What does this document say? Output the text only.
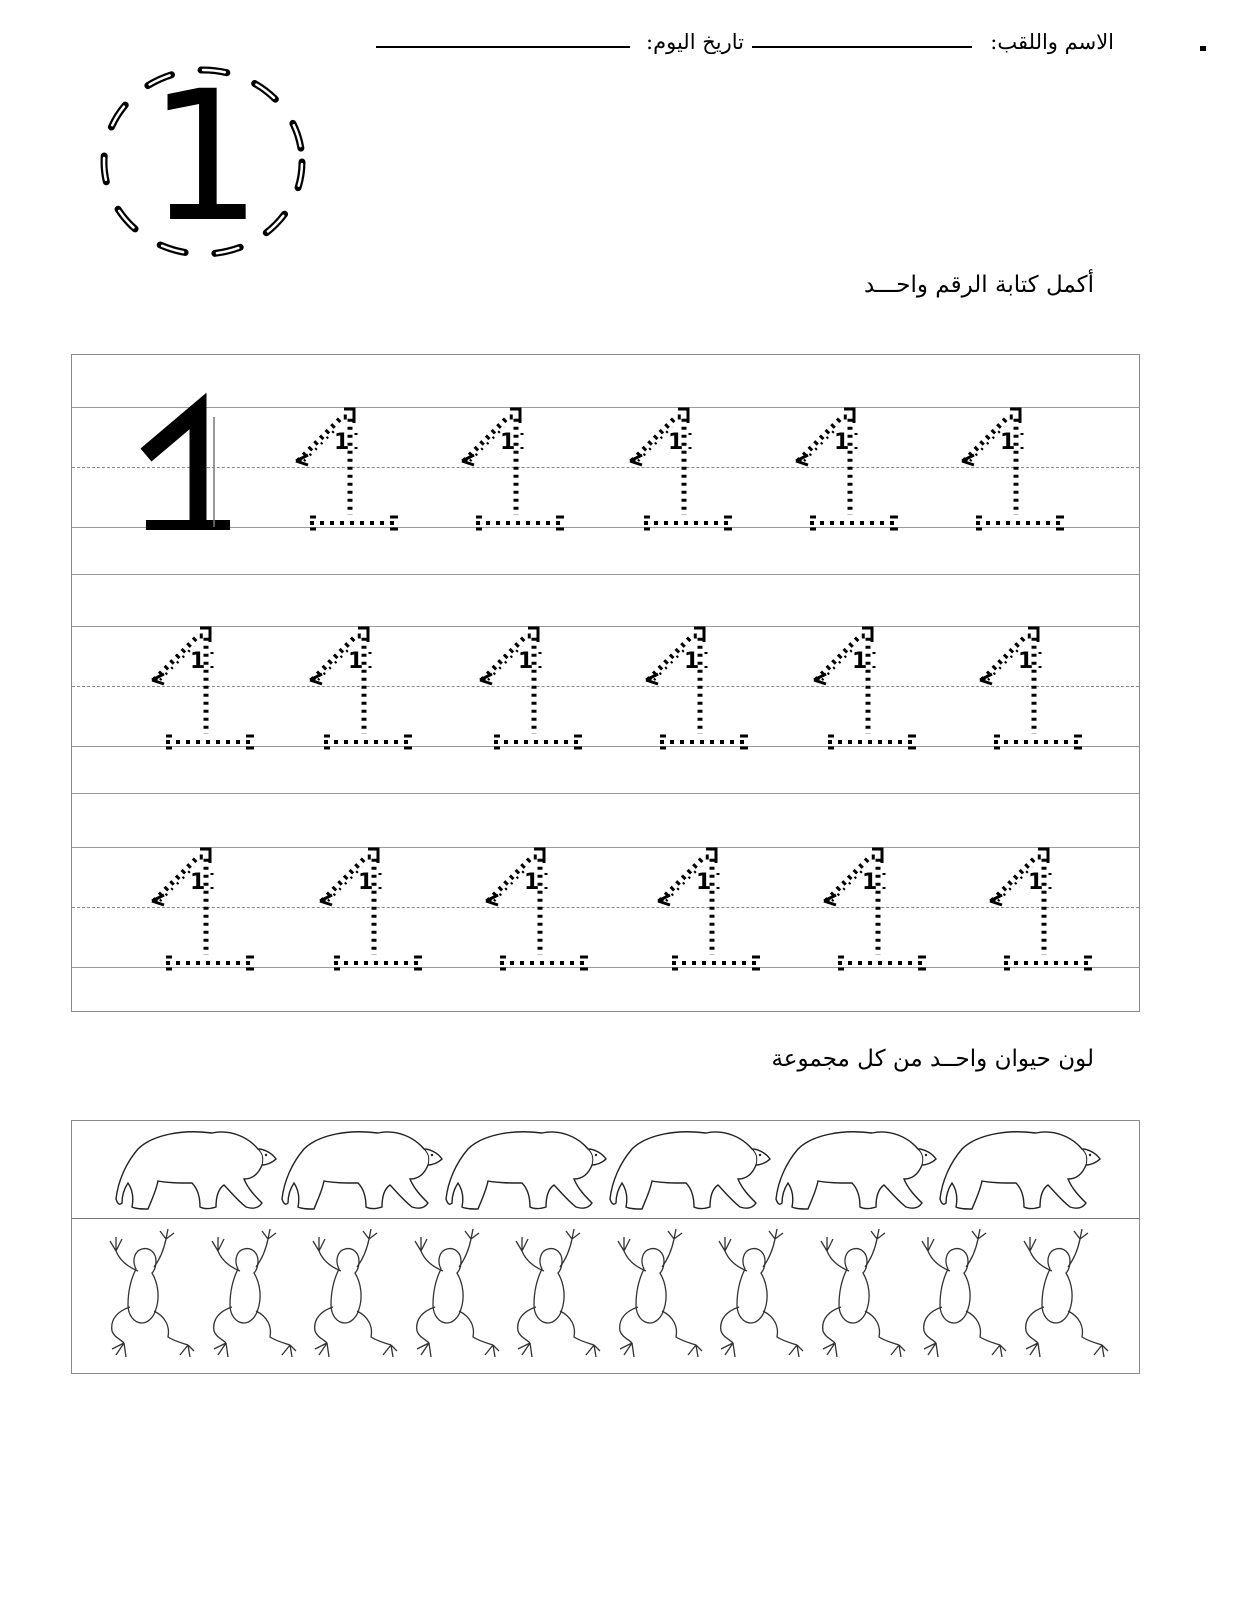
الاسم واللقب:
تاريخ اليوم:
1
أكمل كتابة الرقم واحـــد
1	1	1	1	1
1	1	1	1	1	1
1	1	1	1	1	1
لون حيوان واحــد من كل مجموعة
